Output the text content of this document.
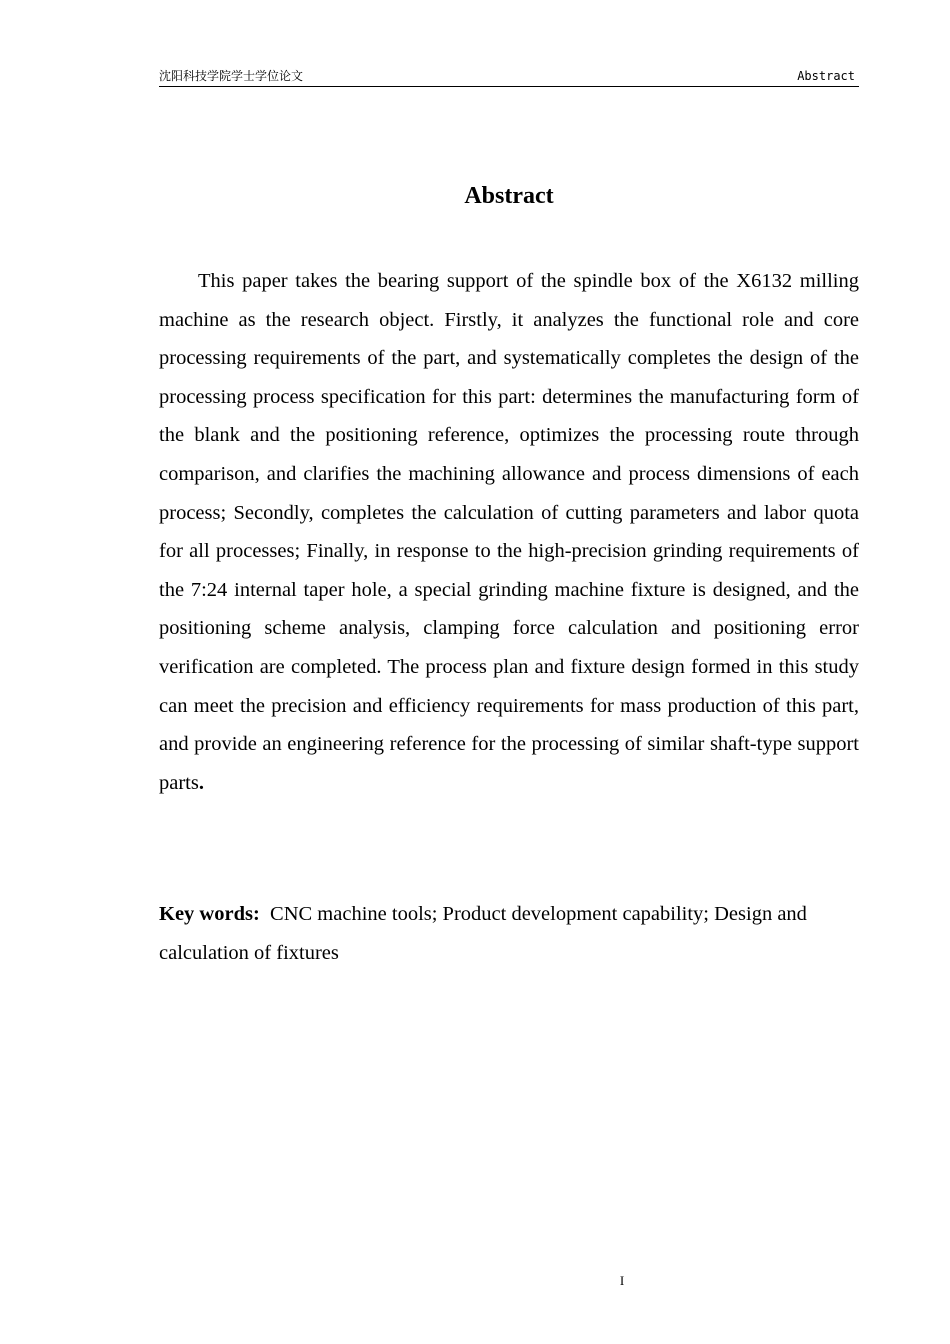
沈阳科技学院学士学位论文	Abstract
Abstract

This paper takes the bearing support of the spindle box of the X6132 milling machine as the research object. Firstly, it analyzes the functional role and core processing requirements of the part, and systematically completes the design of the processing process specification for this part: determines the manufacturing form of the blank and the positioning reference, optimizes the processing route through comparison, and clarifies the machining allowance and process dimensions of each process; Secondly, completes the calculation of cutting parameters and labor quota for all processes; Finally, in response to the high-precision grinding requirements of the 7:24 internal taper hole, a special grinding machine fixture is designed, and the positioning scheme analysis, clamping force calculation and positioning error verification are completed. The process plan and fixture design formed in this study can meet the precision and efficiency requirements for mass production of this part, and provide an engineering reference for the processing of similar shaft-type support parts.

Key words: CNC machine tools; Product development capability; Design and calculation of fixtures

I
